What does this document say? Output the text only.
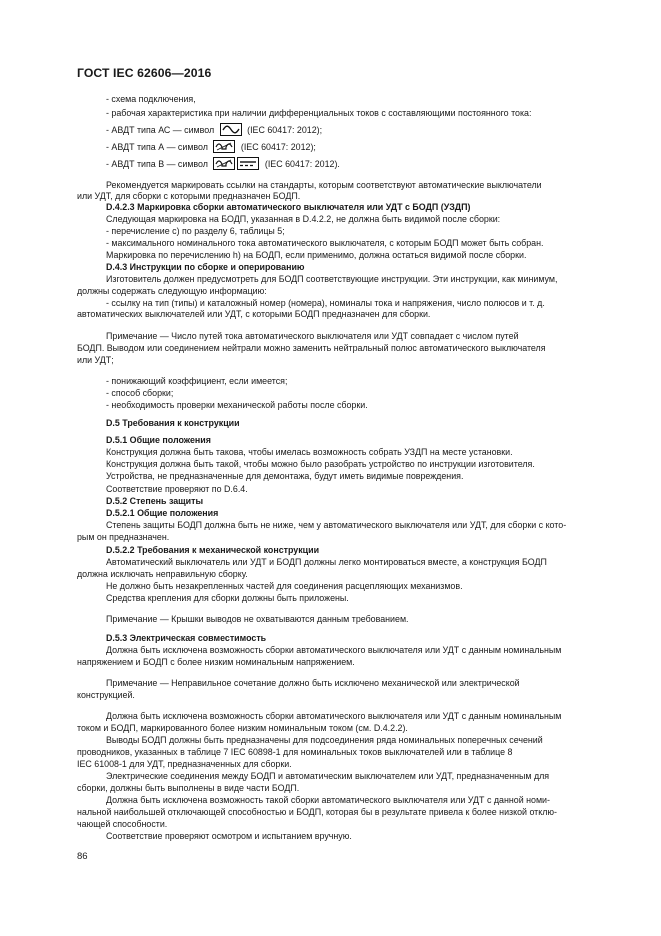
ГОСТ IEC 62606—2016
- схема подключения,
- рабочая характеристика при наличии дифференциальных токов с составляющими постоянного тока:
- АВДТ типа АС — символ	(IEC 60417: 2012);
- АВДТ типа А — символ	(IEC 60417: 2012);
- АВДТ типа В — символ	(IEC 60417: 2012).
Рекомендуется маркировать ссылки на стандарты, которым соответствуют автоматические выключатели
или УДТ, для сборки с которыми предназначен БОДП.
D.4.2.3 Маркировка сборки автоматического выключателя или УДТ с БОДП (УЗДП)
Следующая маркировка на БОДП, указанная в D.4.2.2, не должна быть видимой после сборки:
- перечисление с) по разделу 6, таблицы 5;
- максимального номинального тока автоматического выключателя, с которым БОДП может быть собран.
Маркировка по перечислению h) на БОДП, если применимо, должна остаться видимой после сборки.
D.4.3 Инструкции по сборке и оперированию
Изготовитель должен предусмотреть для БОДП соответствующие инструкции. Эти инструкции, как минимум,
должны содержать следующую информацию:
- ссылку на тип (типы) и каталожный номер (номера), номиналы тока и напряжения, число полюсов и т. д.
автоматических выключателей или УДТ, с которыми БОДП предназначен для сборки.
Примечание — Число путей тока автоматического выключателя или УДТ совпадает с числом путей
БОДП. Выводом или соединением нейтрали можно заменить нейтральный полюс автоматического выключателя
или УДТ;
- понижающий коэффициент, если имеется;
- способ сборки;
- необходимость проверки механической работы после сборки.
D.5 Требования к конструкции
D.5.1 Общие положения
Конструкция должна быть такова, чтобы имелась возможность собрать УЗДП на месте установки.
Конструкция должна быть такой, чтобы можно было разобрать устройство по инструкции изготовителя.
Устройства, не предназначенные для демонтажа, будут иметь видимые повреждения.
Соответствие проверяют по D.6.4.
D.5.2 Степень защиты
D.5.2.1 Общие положения
Степень защиты БОДП должна быть не ниже, чем у автоматического выключателя или УДТ, для сборки с кото-
рым он предназначен.
D.5.2.2 Требования к механической конструкции
Автоматический выключатель или УДТ и БОДП должны легко монтироваться вместе, а конструкция БОДП
должна исключать неправильную сборку.
Не должно быть незакрепленных частей для соединения расцепляющих механизмов.
Средства крепления для сборки должны быть приложены.
Примечание — Крышки выводов не охватываются данным требованием.
D.5.3 Электрическая совместимость
Должна быть исключена возможность сборки автоматического выключателя или УДТ с данным номинальным
напряжением и БОДП с более низким номинальным напряжением.
Примечание — Неправильное сочетание должно быть исключено механической или электрической
конструкцией.
Должна быть исключена возможность сборки автоматического выключателя или УДТ с данным номинальным
током и БОДП, маркированного более низким номинальным током (см. D.4.2.2).
Выводы БОДП должны быть предназначены для подсоединения ряда номинальных поперечных сечений
проводников, указанных в таблице 7 IEC 60898-1 для номинальных токов выключателей или в таблице 8
IEC 61008-1 для УДТ, предназначенных для сборки.
Электрические соединения между БОДП и автоматическим выключателем или УДТ, предназначенным для
сборки, должны быть выполнены в виде части БОДП.
Должна быть исключена возможность такой сборки автоматического выключателя или УДТ с данной номи-
нальной наибольшей отключающей способностью и БОДП, которая бы в результате привела к более низкой отклю-
чающей способности.
Соответствие проверяют осмотром и испытанием вручную.
86
